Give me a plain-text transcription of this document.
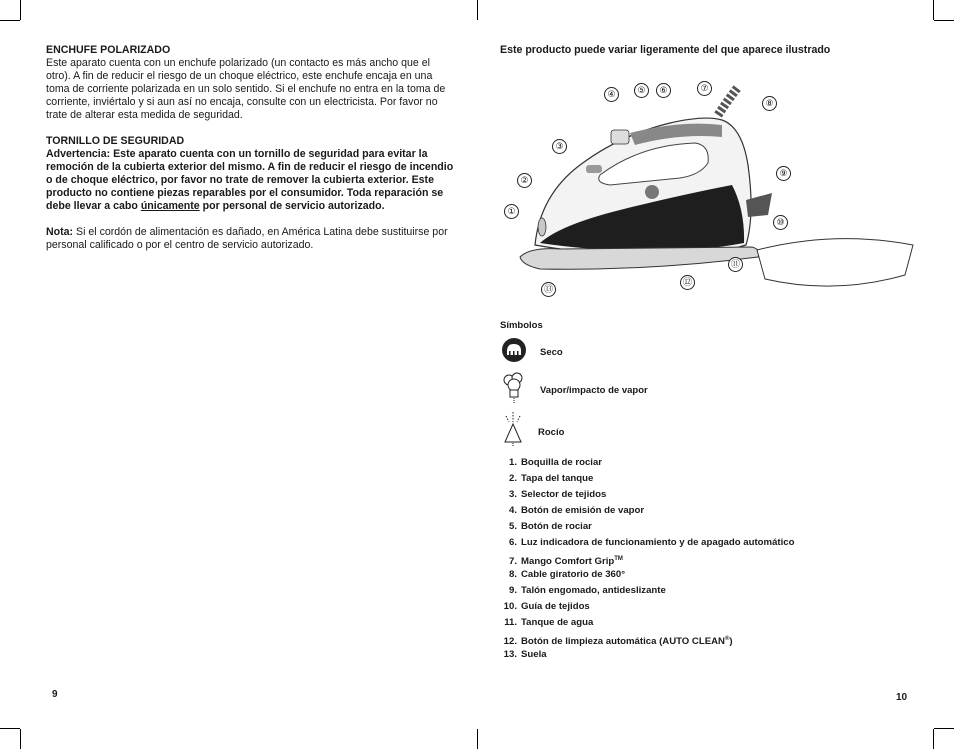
ENCHUFE POLARIZADO
Este aparato cuenta con un enchufe polarizado (un contacto es más ancho que el otro). A fin de reducir el riesgo de un choque eléctrico, este enchufe encaja en una toma de corriente polarizada en un solo sentido. Si el enchufe no entra en la toma de corriente, inviértalo y si aun así no encaja, consulte con un electricista. Por favor no trate de alterar esta medida de seguridad.

TORNILLO DE SEGURIDAD
Advertencia: Este aparato cuenta con un tornillo de seguridad para evitar la remoción de la cubierta exterior del mismo. A fin de reducir el riesgo de incendio o de choque eléctrico, por favor no trate de remover la cubierta exterior. Este producto no contiene piezas reparables por el consumidor. Toda reparación se debe llevar a cabo únicamente por personal de servicio autorizado.

Nota: Si el cordón de alimentación es dañado, en América Latina debe sustituirse por personal calificado o por el centro de servicio autorizado.

9

Este producto puede variar ligeramente del que aparece ilustrado

①
②
③
④	⑤	⑥	⑦
⑧
⑨
⑩
⑪
⑫
⑬
Símbolos
Seco
Vapor/impacto de vapor
Rocío
1. Boquilla de rociar
2. Tapa del tanque
3. Selector de tejidos
4. Botón de emisión de vapor
5. Botón de rociar
6. Luz indicadora de funcionamiento y de apagado automático
7. Mango Comfort Grip™
8. Cable giratorio de 360°
9. Talón engomado, antideslizante
10. Guía de tejidos
11. Tanque de agua
12. Botón de limpieza automática (AUTO CLEAN®)
13. Suela
10
